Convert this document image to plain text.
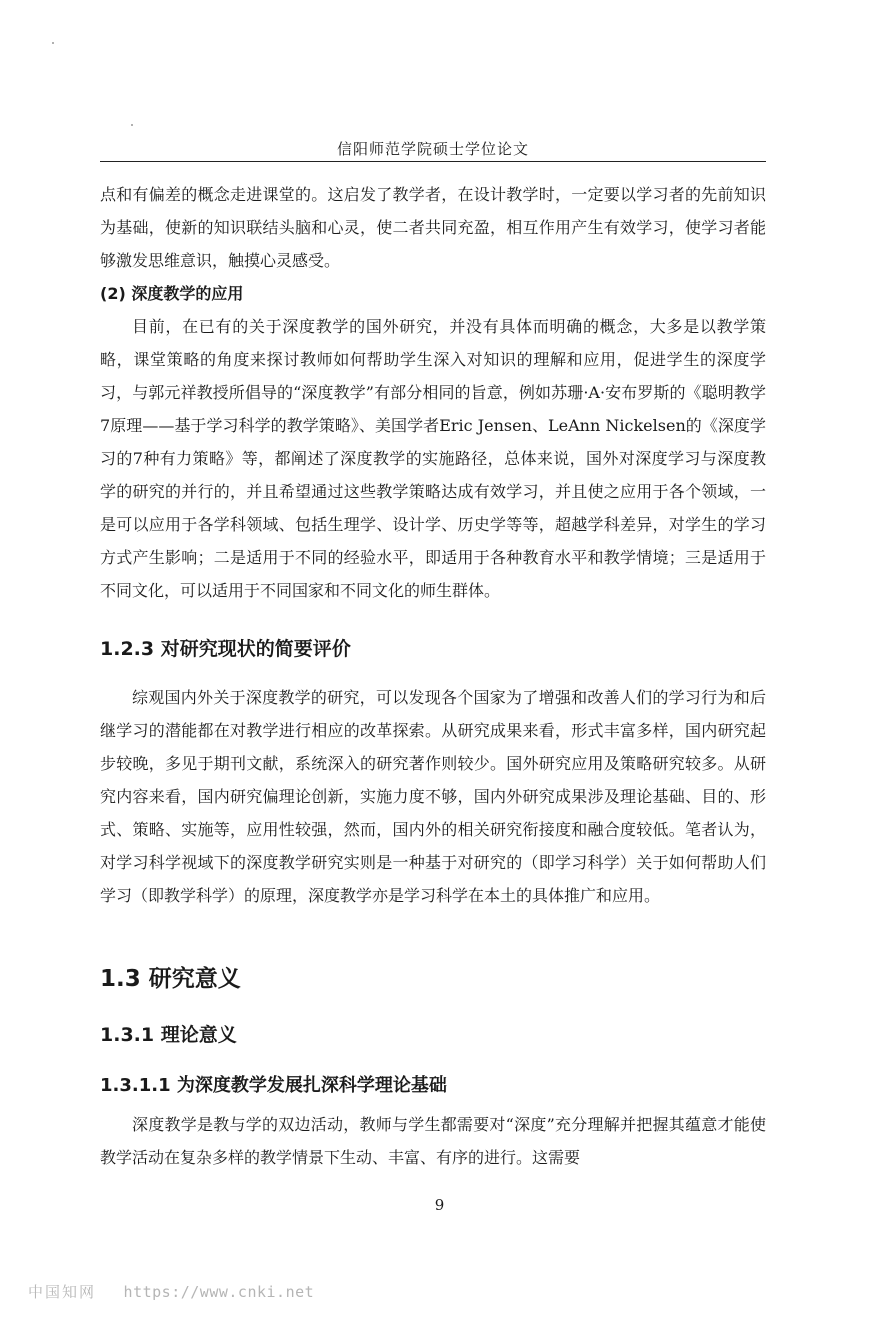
信阳师范学院硕士学位论文

点和有偏差的概念走进课堂的。这启发了教学者，在设计教学时，一定要以学习者的先前知识为基础，使新的知识联结头脑和心灵，使二者共同充盈，相互作用产生有效学习，使学习者能够激发思维意识，触摸心灵感受。

(2) 深度教学的应用

目前，在已有的关于深度教学的国外研究，并没有具体而明确的概念，大多是以教学策略，课堂策略的角度来探讨教师如何帮助学生深入对知识的理解和应用，促进学生的深度学习，与郭元祥教授所倡导的“深度教学”有部分相同的旨意，例如苏珊·A·安布罗斯的《聪明教学7原理——基于学习科学的教学策略》、美国学者Eric Jensen、LeAnn Nickelsen的《深度学习的7种有力策略》等，都阐述了深度教学的实施路径，总体来说，国外对深度学习与深度教学的研究的并行的，并且希望通过这些教学策略达成有效学习，并且使之应用于各个领域，一是可以应用于各学科领域、包括生理学、设计学、历史学等等，超越学科差异，对学生的学习方式产生影响；二是适用于不同的经验水平，即适用于各种教育水平和教学情境；三是适用于不同文化，可以适用于不同国家和不同文化的师生群体。

1.2.3 对研究现状的简要评价

综观国内外关于深度教学的研究，可以发现各个国家为了增强和改善人们的学习行为和后继学习的潜能都在对教学进行相应的改革探索。从研究成果来看，形式丰富多样，国内研究起步较晚，多见于期刊文献，系统深入的研究著作则较少。国外研究应用及策略研究较多。从研究内容来看，国内研究偏理论创新，实施力度不够，国内外研究成果涉及理论基础、目的、形式、策略、实施等，应用性较强，然而，国内外的相关研究衔接度和融合度较低。笔者认为，对学习科学视域下的深度教学研究实则是一种基于对研究的（即学习科学）关于如何帮助人们学习（即教学科学）的原理，深度教学亦是学习科学在本土的具体推广和应用。

1.3 研究意义
1.3.1 理论意义
1.3.1.1 为深度教学发展扎深科学理论基础

深度教学是教与学的双边活动，教师与学生都需要对“深度”充分理解并把握其蕴意才能使教学活动在复杂多样的教学情景下生动、丰富、有序的进行。这需要

9
中国知网 https://www.cnki.net
